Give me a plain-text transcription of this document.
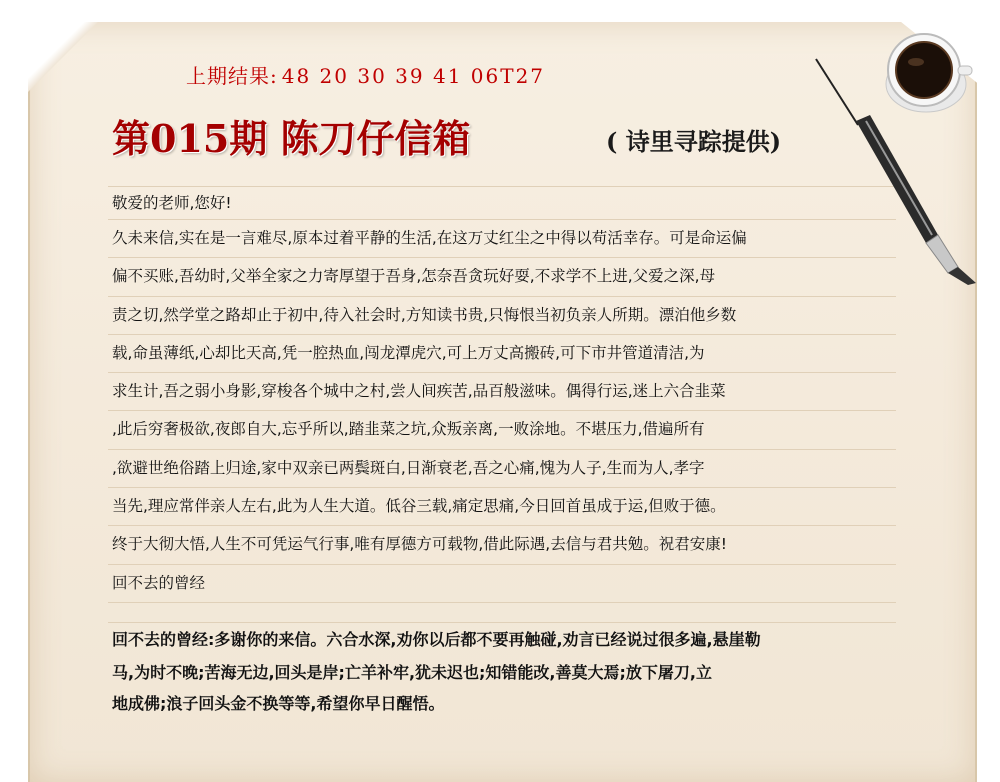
上期结果: 48 20 30 39 41 06T27
第015期 陈刀仔信箱	( 诗里寻踪提供)
敬爱的老师,您好!
久未来信,实在是一言难尽,原本过着平静的生活,在这万丈红尘之中得以苟活幸存。可是命运偏
偏不买账,吾幼时,父举全家之力寄厚望于吾身,怎奈吾贪玩好耍,不求学不上进,父爱之深,母
责之切,然学堂之路却止于初中,待入社会时,方知读书贵,只悔恨当初负亲人所期。漂泊他乡数
载,命虽薄纸,心却比天高,凭一腔热血,闯龙潭虎穴,可上万丈高搬砖,可下市井管道清洁,为
求生计,吾之弱小身影,穿梭各个城中之村,尝人间疾苦,品百般滋味。偶得行运,迷上六合韭菜
,此后穷奢极欲,夜郎自大,忘乎所以,踏韭菜之坑,众叛亲离,一败涂地。不堪压力,借遍所有
,欲避世绝俗踏上归途,家中双亲已两鬓斑白,日渐衰老,吾之心痛,愧为人子,生而为人,孝字
当先,理应常伴亲人左右,此为人生大道。低谷三载,痛定思痛,今日回首虽成于运,但败于德。
终于大彻大悟,人生不可凭运气行事,唯有厚德方可载物,借此际遇,去信与君共勉。祝君安康!
回不去的曾经
回不去的曾经:多谢你的来信。六合水深,劝你以后都不要再触碰,劝言已经说过很多遍,悬崖勒
马,为时不晚;苦海无边,回头是岸;亡羊补牢,犹未迟也;知错能改,善莫大焉;放下屠刀,立
地成佛;浪子回头金不换等等,希望你早日醒悟。
